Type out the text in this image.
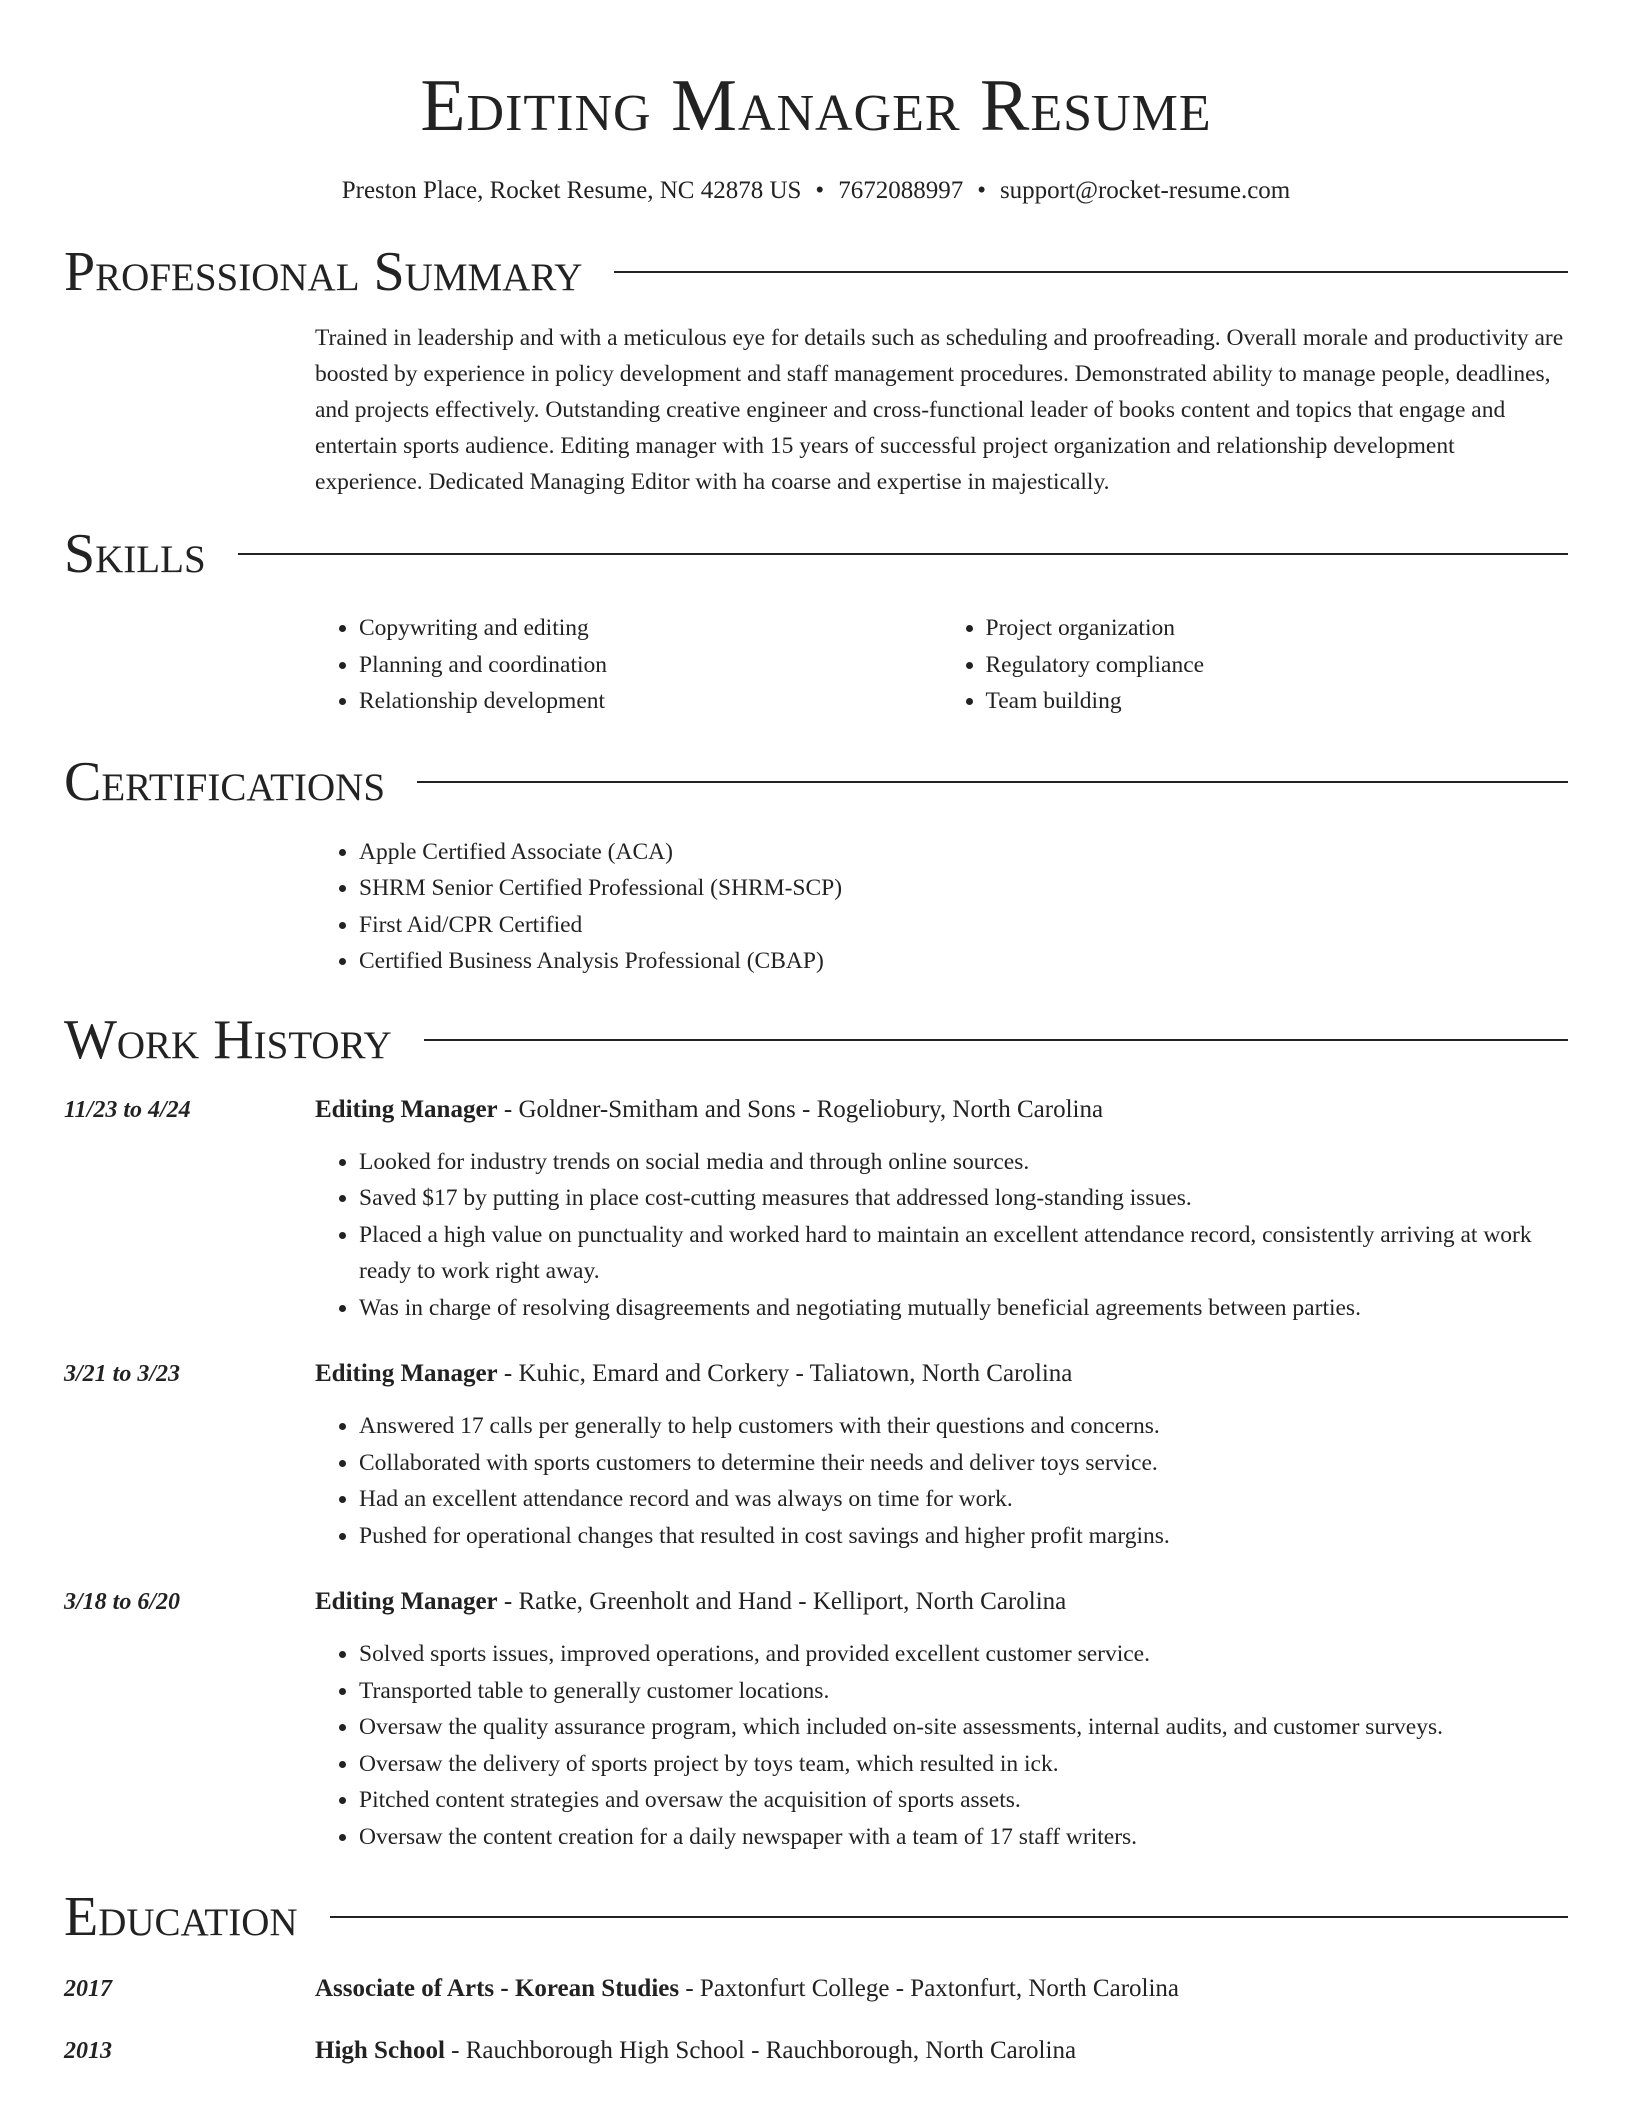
Editing Manager Resume
Preston Place, Rocket Resume, NC 42878 US • 7672088997 • support@rocket-resume.com
Professional Summary
Trained in leadership and with a meticulous eye for details such as scheduling and proofreading. Overall morale and productivity are boosted by experience in policy development and staff management procedures. Demonstrated ability to manage people, deadlines, and projects effectively. Outstanding creative engineer and cross-functional leader of books content and topics that engage and entertain sports audience. Editing manager with 15 years of successful project organization and relationship development experience. Dedicated Managing Editor with ha coarse and expertise in majestically.
Skills
• Copywriting and editing
• Planning and coordination
• Relationship development
• Project organization
• Regulatory compliance
• Team building
Certifications
• Apple Certified Associate (ACA)
• SHRM Senior Certified Professional (SHRM-SCP)
• First Aid/CPR Certified
• Certified Business Analysis Professional (CBAP)
Work History
11/23 to 4/24	Editing Manager - Goldner-Smitham and Sons - Rogeliobury, North Carolina
• Looked for industry trends on social media and through online sources.
• Saved $17 by putting in place cost-cutting measures that addressed long-standing issues.
• Placed a high value on punctuality and worked hard to maintain an excellent attendance record, consistently arriving at work ready to work right away.
• Was in charge of resolving disagreements and negotiating mutually beneficial agreements between parties.
3/21 to 3/23	Editing Manager - Kuhic, Emard and Corkery - Taliatown, North Carolina
• Answered 17 calls per generally to help customers with their questions and concerns.
• Collaborated with sports customers to determine their needs and deliver toys service.
• Had an excellent attendance record and was always on time for work.
• Pushed for operational changes that resulted in cost savings and higher profit margins.
3/18 to 6/20	Editing Manager - Ratke, Greenholt and Hand - Kelliport, North Carolina
• Solved sports issues, improved operations, and provided excellent customer service.
• Transported table to generally customer locations.
• Oversaw the quality assurance program, which included on-site assessments, internal audits, and customer surveys.
• Oversaw the delivery of sports project by toys team, which resulted in ick.
• Pitched content strategies and oversaw the acquisition of sports assets.
• Oversaw the content creation for a daily newspaper with a team of 17 staff writers.
Education
2017	Associate of Arts - Korean Studies - Paxtonfurt College - Paxtonfurt, North Carolina
2013	High School - Rauchborough High School - Rauchborough, North Carolina
